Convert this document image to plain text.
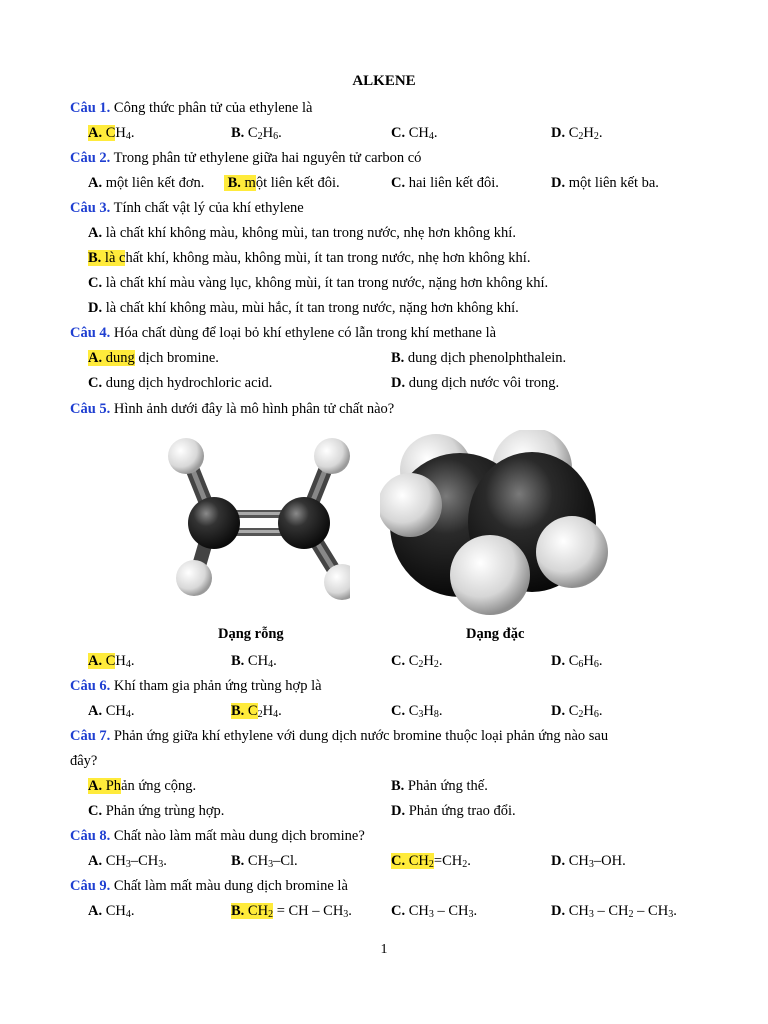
ALKENE
Câu 1. Công thức phân tử của ethylene là
A. $CH_4$.	B. $C_2H_6$.	C. $CH_4$.	D. $C_2H_2$.
Câu 2. Trong phân tử ethylene giữa hai nguyên tử carbon có
A. một liên kết đơn. B. một liên kết đôi.	C. hai liên kết đôi.	D. một liên kết ba.
Câu 3. Tính chất vật lý của khí ethylene
A. là chất khí không màu, không mùi, tan trong nước, nhẹ hơn không khí.
B. là chất khí, không màu, không mùi, ít tan trong nước, nhẹ hơn không khí.
C. là chất khí màu vàng lục, không mùi, ít tan trong nước, nặng hơn không khí.
D. là chất khí không màu, mùi hắc, ít tan trong nước, nặng hơn không khí.
Câu 4. Hóa chất dùng để loại bỏ khí ethylene có lẫn trong khí methane là
A. dung dịch bromine.	B. dung dịch phenolphthalein.
C. dung dịch hydrochloric acid.	D. dung dịch nước vôi trong.
Câu 5. Hình ảnh dưới đây là mô hình phân tử chất nào?
Dạng rỗng	Dạng đặc
A. $CH_4$.	B. $CH_4$.	C. $C_2H_2$.	D. $C_6H_6$.
Câu 6. Khí tham gia phản ứng trùng hợp là
A. $CH_4$.	B. $C_2H_4$.	C. $C_3H_8$.	D. $C_2H_6$.
Câu 7. Phản ứng giữa khí ethylene với dung dịch nước bromine thuộc loại phản ứng nào sau
đây?
A. Phản ứng cộng.	B. Phản ứng thế.
C. Phản ứng trùng hợp.	D. Phản ứng trao đổi.
Câu 8. Chất nào làm mất màu dung dịch bromine?
A. $CH_3-CH_3$.	B. $CH_3-Cl$.	C. $CH_2=CH_2$.	D. $CH_3-OH$.
Câu 9. Chất làm mất màu dung dịch bromine là
A. $CH_4$.	B. $CH_2$ = CH – $CH_3$.	C. $CH_3 - CH_3$.	D. $CH_3 - CH_2 - CH_3$.
1
